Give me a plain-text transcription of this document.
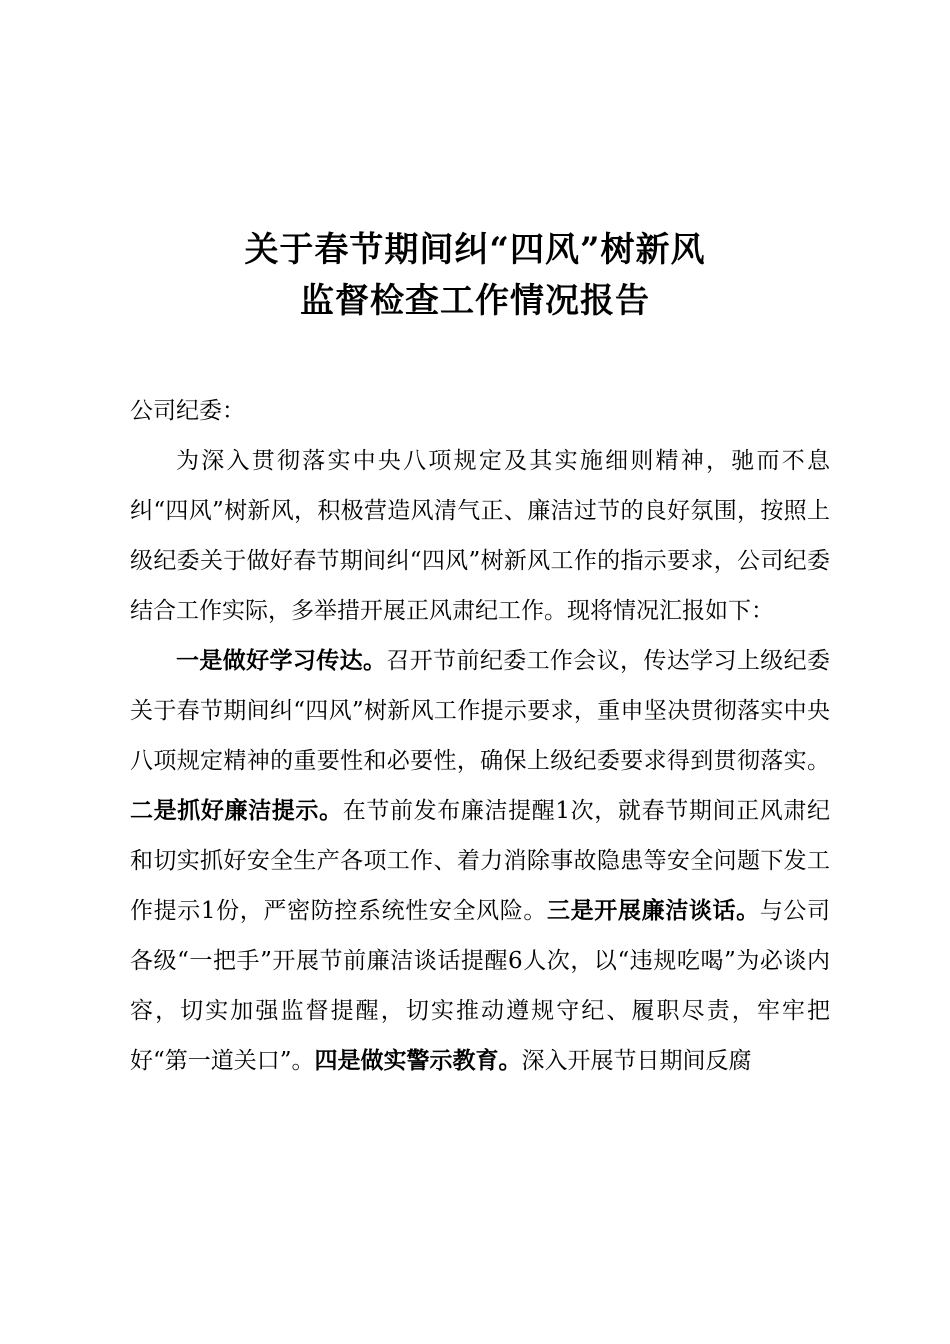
关于春节期间纠“四风”树新风
监督检查工作情况报告

公司纪委：

为深入贯彻落实中央八项规定及其实施细则精神，驰而不息纠“四风”树新风，积极营造风清气正、廉洁过节的良好氛围，按照上级纪委关于做好春节期间纠“四风”树新风工作的指示要求，公司纪委结合工作实际，多举措开展正风肃纪工作。现将情况汇报如下：

一是做好学习传达。召开节前纪委工作会议，传达学习上级纪委关于春节期间纠“四风”树新风工作提示要求，重申坚决贯彻落实中央八项规定精神的重要性和必要性，确保上级纪委要求得到贯彻落实。二是抓好廉洁提示。在节前发布廉洁提醒1次，就春节期间正风肃纪和切实抓好安全生产各项工作、着力消除事故隐患等安全问题下发工作提示1份，严密防控系统性安全风险。三是开展廉洁谈话。与公司各级“一把手”开展节前廉洁谈话提醒6人次，以“违规吃喝”为必谈内容，切实加强监督提醒，切实推动遵规守纪、履职尽责，牢牢把好“第一道关口”。四是做实警示教育。深入开展节日期间反腐
